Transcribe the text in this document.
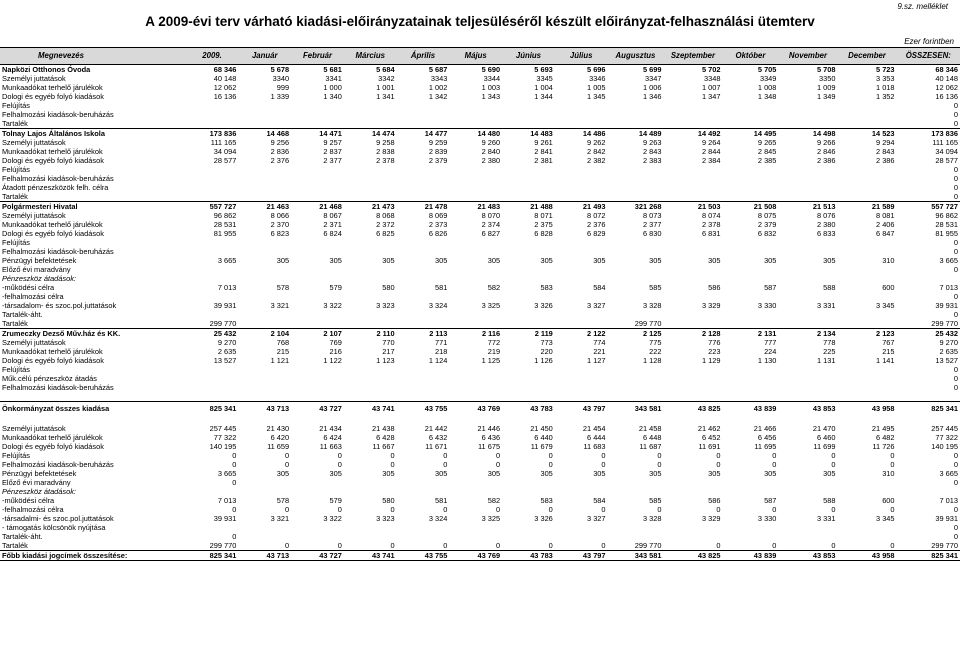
9.sz. melléklet
A 2009-évi terv várható kiadási-előirányzatainak teljesüléséről készült előirányzat-felhasználási ütemterv
Ezer forintben
Megnevezés	2009.	Január	Február	Március	Április	Május	Június	Július	Augusztus	Szeptember	Október	November	December	ÖSSZESEN:
Napközi Otthonos Óvoda	68 346	5 678	5 681	5 684	5 687	5 690	5 693	5 696	5 699	5 702	5 705	5 708	5 723	68 346
Személyi juttatások	40 148	3340	3341	3342	3343	3344	3345	3346	3347	3348	3349	3350	3 353	40 148
Munkaadókat terhelő járulékok	12 062	999	1 000	1 001	1 002	1 003	1 004	1 005	1 006	1 007	1 008	1 009	1 018	12 062
Dologi és egyéb folyó kiadások	16 136	1 339	1 340	1 341	1 342	1 343	1 344	1 345	1 346	1 347	1 348	1 349	1 352	16 136
Felújítás														0
Felhalmozási kiadások-beruházás														0
Tartalék														0
Tolnay Lajos Általános Iskola	173 836	14 468	14 471	14 474	14 477	14 480	14 483	14 486	14 489	14 492	14 495	14 498	14 523	173 836
Személyi juttatások	111 165	9 256	9 257	9 258	9 259	9 260	9 261	9 262	9 263	9 264	9 265	9 266	9 294	111 165
Munkaadókat terhelő járulékok	34 094	2 836	2 837	2 838	2 839	2 840	2 841	2 842	2 843	2 844	2 845	2 846	2 843	34 094
Dologi és egyéb folyó kiadások	28 577	2 376	2 377	2 378	2 379	2 380	2 381	2 382	2 383	2 384	2 385	2 386	2 386	28 577
Felújítás														0
Felhalmozási kiadások-beruházás														0
Átadott pénzeszközök felh. célra														0
Tartalék														0
Polgármesteri Hivatal	557 727	21 463	21 468	21 473	21 478	21 483	21 488	21 493	321 268	21 503	21 508	21 513	21 589	557 727
Személyi juttatások	96 862	8 066	8 067	8 068	8 069	8 070	8 071	8 072	8 073	8 074	8 075	8 076	8 081	96 862
Munkaadókat terhelő járulékok	28 531	2 370	2 371	2 372	2 373	2 374	2 375	2 376	2 377	2 378	2 379	2 380	2 406	28 531
Dologi és egyéb folyó kiadások	81 955	6 823	6 824	6 825	6 826	6 827	6 828	6 829	6 830	6 831	6 832	6 833	6 847	81 955
Felújítás														0
Felhalmozási kiadások-beruházás														0
Pénzügyi befektetések	3 665	305	305	305	305	305	305	305	305	305	305	305	310	3 665
Előző évi maradvány														0
Pénzeszköz átadások:														
-működési célra	7 013	578	579	580	581	582	583	584	585	586	587	588	600	7 013
-felhalmozási célra														0
-társadalom- és szoc.pol.juttatások	39 931	3 321	3 322	3 323	3 324	3 325	3 326	3 327	3 328	3 329	3 330	3 331	3 345	39 931
Tartalék-áht.														0
Tartalék	299 770								299 770					299 770
Zrumeczky Dezső Műv.ház és KK.	25 432	2 104	2 107	2 110	2 113	2 116	2 119	2 122	2 125	2 128	2 131	2 134	2 123	25 432
Személyi juttatások	9 270	768	769	770	771	772	773	774	775	776	777	778	767	9 270
Munkaadókat terhelő járulékok	2 635	215	216	217	218	219	220	221	222	223	224	225	215	2 635
Dologi és egyéb folyó kiadások	13 527	1 121	1 122	1 123	1 124	1 125	1 126	1 127	1 128	1 129	1 130	1 131	1 141	13 527
Felújítás														0
Műk.célú pénzeszköz átadás														0
Felhalmozási kiadások-beruházás														0

Önkormányzat összes kiadása	825 341	43 713	43 727	43 741	43 755	43 769	43 783	43 797	343 581	43 825	43 839	43 853	43 958	825 341

Személyi juttatások	257 445	21 430	21 434	21 438	21 442	21 446	21 450	21 454	21 458	21 462	21 466	21 470	21 495	257 445
Munkaadókat terhelő járulékok	77 322	6 420	6 424	6 428	6 432	6 436	6 440	6 444	6 448	6 452	6 456	6 460	6 482	77 322
Dologi és egyéb folyó kiadások	140 195	11 659	11 663	11 667	11 671	11 675	11 679	11 683	11 687	11 691	11 695	11 699	11 726	140 195
Felújítás	0	0	0	0	0	0	0	0	0	0	0	0	0	0
Felhalmozási kiadások-beruházás	0	0	0	0	0	0	0	0	0	0	0	0	0	0
Pénzügyi befektetések	3 665	305	305	305	305	305	305	305	305	305	305	305	310	3 665
Előző évi maradvány	0													0
Pénzeszköz átadások:														
-működési célra	7 013	578	579	580	581	582	583	584	585	586	587	588	600	7 013
-felhalmozási célra	0	0	0	0	0	0	0	0	0	0	0	0	0	0
-társadalmi- és szoc.pol.juttatások	39 931	3 321	3 322	3 323	3 324	3 325	3 326	3 327	3 328	3 329	3 330	3 331	3 345	39 931
- támogatás kölcsönök nyújtása														0
Tartalék-áht.	0													0
Tartalék	299 770	0	0	0	0	0	0	0	299 770	0	0	0	0	299 770
Főbb kiadási jogcímek összesítése:	825 341	43 713	43 727	43 741	43 755	43 769	43 783	43 797	343 581	43 825	43 839	43 853	43 958	825 341
